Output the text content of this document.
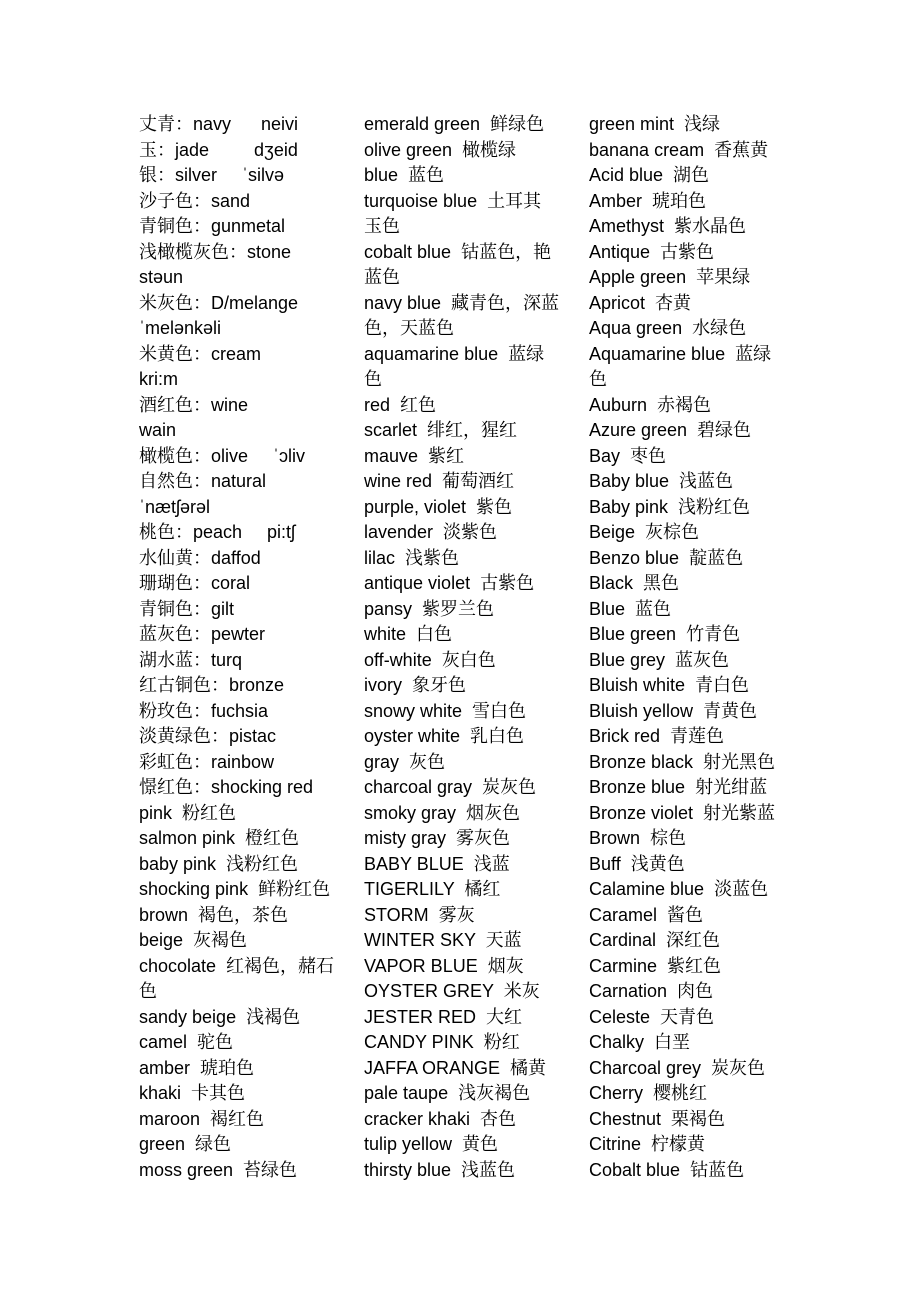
丈青：navy      neivi
玉：jade         dʒeid
银：silver     ˈsilvə
沙子色：sand
青铜色：gunmetal
浅橄榄灰色：stone
stəun
米灰色：D/melange
ˈmelənkəli
米黄色：cream
kri:m
酒红色：wine
wain
橄榄色：olive     ˈɔliv
自然色：natural
ˈnætʃərəl
桃色：peach     pi:tʃ
水仙黄：daffod
珊瑚色：coral
青铜色：gilt
蓝灰色：pewter
湖水蓝：turq
红古铜色：bronze
粉玫色：fuchsia
淡黄绿色：pistac
彩虹色：rainbow
憬红色：shocking red
pink  粉红色
salmon pink  橙红色
baby pink  浅粉红色
shocking pink  鲜粉红色
brown  褐色，茶色
beige  灰褐色
chocolate  红褐色，赭石
色
sandy beige  浅褐色
camel  驼色
amber  琥珀色
khaki  卡其色
maroon  褐红色
green  绿色
moss green  苔绿色
emerald green  鲜绿色
olive green  橄榄绿
blue  蓝色
turquoise blue  土耳其
玉色
cobalt blue  钴蓝色，艳
蓝色
navy blue  藏青色，深蓝
色，天蓝色
aquamarine blue  蓝绿
色
red  红色
scarlet  绯红，猩红
mauve  紫红
wine red  葡萄酒红
purple, violet  紫色
lavender  淡紫色
lilac  浅紫色
antique violet  古紫色
pansy  紫罗兰色
white  白色
off-white  灰白色
ivory  象牙色
snowy white  雪白色
oyster white  乳白色
gray  灰色
charcoal gray  炭灰色
smoky gray  烟灰色
misty gray  雾灰色
BABY BLUE  浅蓝
TIGERLILY  橘红
STORM  雾灰
WINTER SKY  天蓝
VAPOR BLUE  烟灰
OYSTER GREY  米灰
JESTER RED  大红
CANDY PINK  粉红
JAFFA ORANGE  橘黄
pale taupe  浅灰褐色
cracker khaki  杏色
tulip yellow  黄色
thirsty blue  浅蓝色
green mint  浅绿
banana cream  香蕉黄
Acid blue  湖色
Amber  琥珀色
Amethyst  紫水晶色
Antique  古紫色
Apple green  苹果绿
Apricot  杏黄
Aqua green  水绿色
Aquamarine blue  蓝绿
色
Auburn  赤褐色
Azure green  碧绿色
Bay  枣色
Baby blue  浅蓝色
Baby pink  浅粉红色
Beige  灰棕色
Benzo blue  靛蓝色
Black  黑色
Blue  蓝色
Blue green  竹青色
Blue grey  蓝灰色
Bluish white  青白色
Bluish yellow  青黄色
Brick red  青莲色
Bronze black  射光黑色
Bronze blue  射光绀蓝
Bronze violet  射光紫蓝
Brown  棕色
Buff  浅黄色
Calamine blue  淡蓝色
Caramel  酱色
Cardinal  深红色
Carmine  紫红色
Carnation  肉色
Celeste  天青色
Chalky  白垩
Charcoal grey  炭灰色
Cherry  樱桃红
Chestnut  栗褐色
Citrine  柠檬黄
Cobalt blue  钴蓝色
